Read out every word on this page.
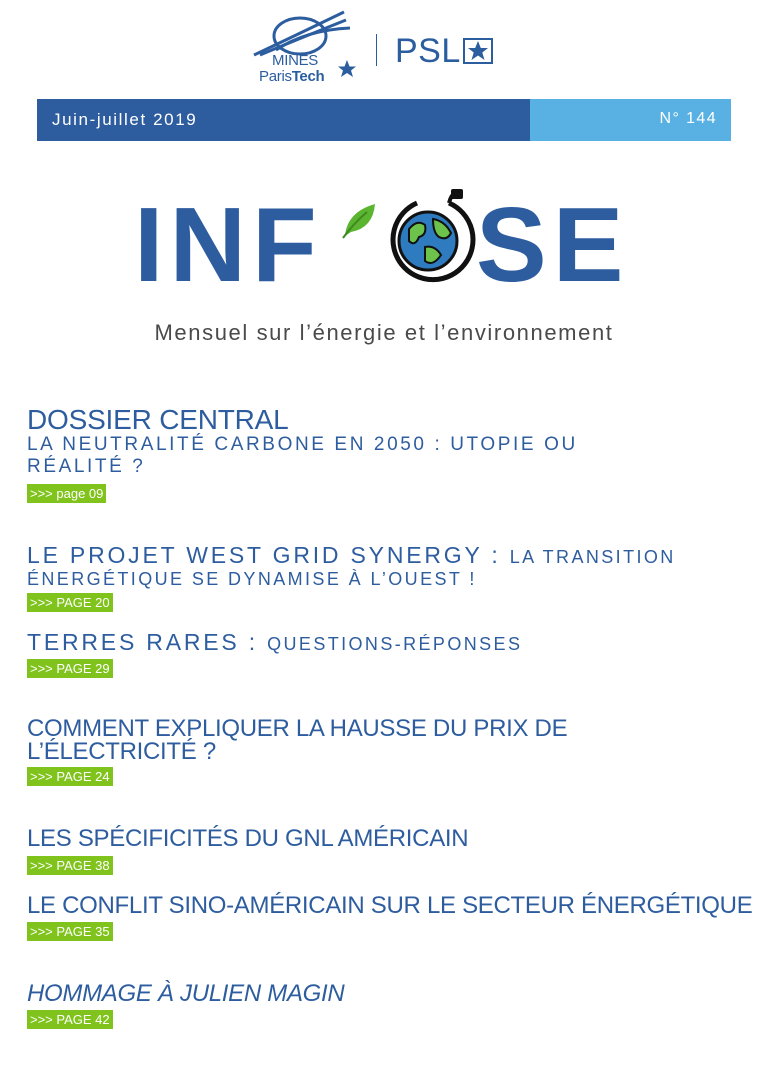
MINES
ParisTech
PSL
Juin-juillet 2019	N° 144
INF SE
Mensuel sur l’énergie et l’environnement
DOSSIER CENTRAL
LA NEUTRALITÉ CARBONE EN 2050 : UTOPIE OU RÉALITÉ ?
>>> page 09
LE PROJET WEST GRID SYNERGY : LA TRANSITION
ÉNERGÉTIQUE SE DYNAMISE À L’OUEST !
>>> PAGE 20
TERRES RARES : QUESTIONS-RÉPONSES
>>> PAGE 29
COMMENT EXPLIQUER LA HAUSSE DU PRIX DE
L’ÉLECTRICITÉ ?
>>> PAGE 24
LES SPÉCIFICITÉS DU GNL AMÉRICAIN
>>> PAGE 38
LE CONFLIT SINO-AMÉRICAIN SUR LE SECTEUR ÉNERGÉTIQUE
>>> PAGE 35
HOMMAGE À JULIEN MAGIN
>>> PAGE 42
